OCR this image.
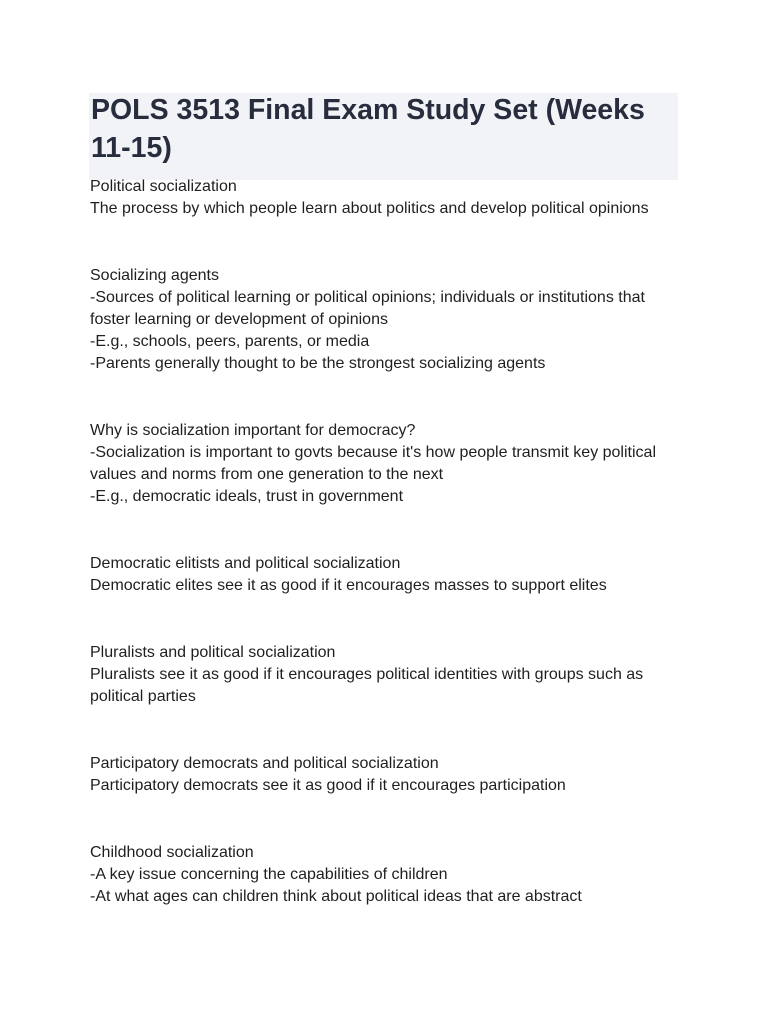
POLS 3513 Final Exam Study Set (Weeks 11-15)
Political socialization
The process by which people learn about politics and develop political opinions
Socializing agents
-Sources of political learning or political opinions; individuals or institutions that foster learning or development of opinions
-E.g., schools, peers, parents, or media
-Parents generally thought to be the strongest socializing agents
Why is socialization important for democracy?
-Socialization is important to govts because it's how people transmit key political values and norms from one generation to the next
-E.g., democratic ideals, trust in government
Democratic elitists and political socialization
Democratic elites see it as good if it encourages masses to support elites
Pluralists and political socialization
Pluralists see it as good if it encourages political identities with groups such as political parties
Participatory democrats and political socialization
Participatory democrats see it as good if it encourages participation
Childhood socialization
-A key issue concerning the capabilities of children
-At what ages can children think about political ideas that are abstract
